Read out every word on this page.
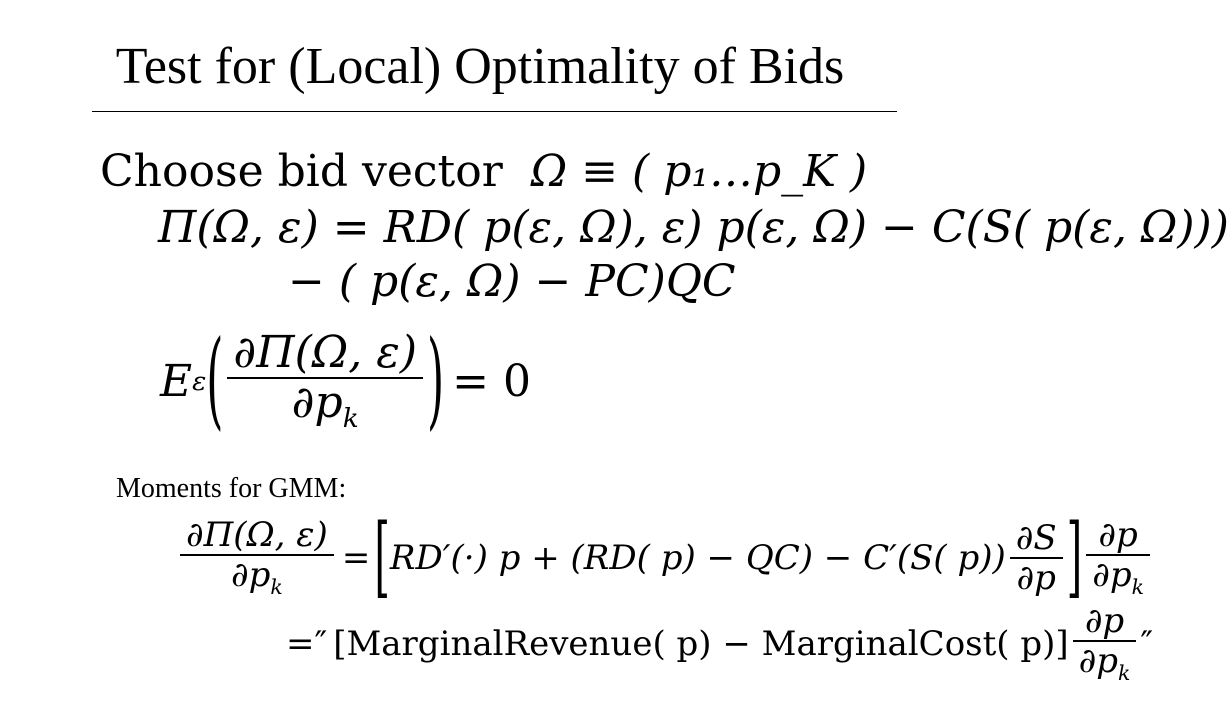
Test for (Local) Optimality of Bids
Choose bid vector Ω ≡ ( p₁…p_K )
Π(Ω, ε) = RD( p(ε, Ω), ε) p(ε, Ω) − C(S( p(ε, Ω)))
− ( p(ε, Ω) − PC)QC
E ε ( $\frac{\partial\Pi(\Omega, \varepsilon)}{\partial p_k}$ ) = 0
Moments for GMM:
$\frac{\partial\Pi(\Omega, \varepsilon)}{\partial p_k}$ = [ RD′(·) p + (RD( p) − QC) − C′(S( $p)) \frac{\partial S}{\partial p}$ ] $\frac{\partial p}{\partial p_k}$
=″ [ MarginalRevenue( p) − MarginalCost( p) ] $\frac{\partial p}{\partial p_k}$ ″
